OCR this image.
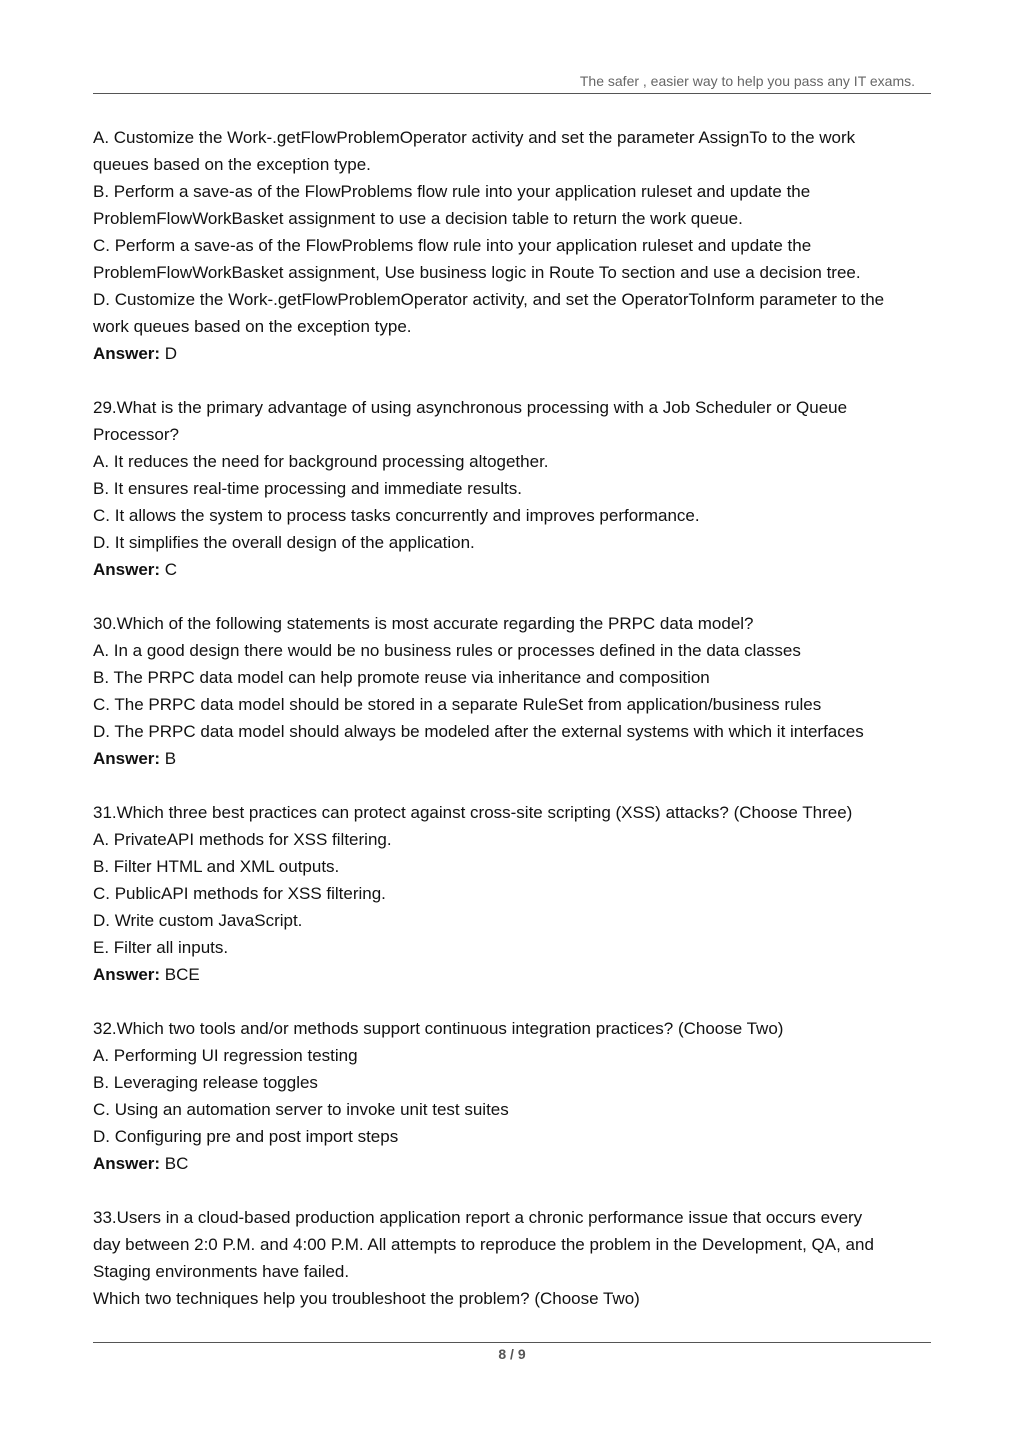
The safer , easier way to help you pass any IT exams.

A. Customize the Work-.getFlowProblemOperator activity and set the parameter AssignTo to the work

queues based on the exception type.

B. Perform a save-as of the FlowProblems flow rule into your application ruleset and update the

ProblemFlowWorkBasket assignment to use a decision table to return the work queue.

C. Perform a save-as of the FlowProblems flow rule into your application ruleset and update the

ProblemFlowWorkBasket assignment, Use business logic in Route To section and use a decision tree.

D. Customize the Work-.getFlowProblemOperator activity, and set the OperatorToInform parameter to the

work queues based on the exception type.

Answer: D

29.What is the primary advantage of using asynchronous processing with a Job Scheduler or Queue

Processor?

A. It reduces the need for background processing altogether.

B. It ensures real-time processing and immediate results.

C. It allows the system to process tasks concurrently and improves performance.

D. It simplifies the overall design of the application.

Answer: C

30.Which of the following statements is most accurate regarding the PRPC data model?

A. In a good design there would be no business rules or processes defined in the data classes

B. The PRPC data model can help promote reuse via inheritance and composition

C. The PRPC data model should be stored in a separate RuleSet from application/business rules

D. The PRPC data model should always be modeled after the external systems with which it interfaces

Answer: B

31.Which three best practices can protect against cross-site scripting (XSS) attacks? (Choose Three)

A. PrivateAPI methods for XSS filtering.

B. Filter HTML and XML outputs.

C. PublicAPI methods for XSS filtering.

D. Write custom JavaScript.

E. Filter all inputs.

Answer: BCE

32.Which two tools and/or methods support continuous integration practices? (Choose Two)

A. Performing UI regression testing

B. Leveraging release toggles

C. Using an automation server to invoke unit test suites

D. Configuring pre and post import steps

Answer: BC

33.Users in a cloud-based production application report a chronic performance issue that occurs every

day between 2:0 P.M. and 4:00 P.M. All attempts to reproduce the problem in the Development, QA, and

Staging environments have failed.

Which two techniques help you troubleshoot the problem? (Choose Two)

8 / 9
